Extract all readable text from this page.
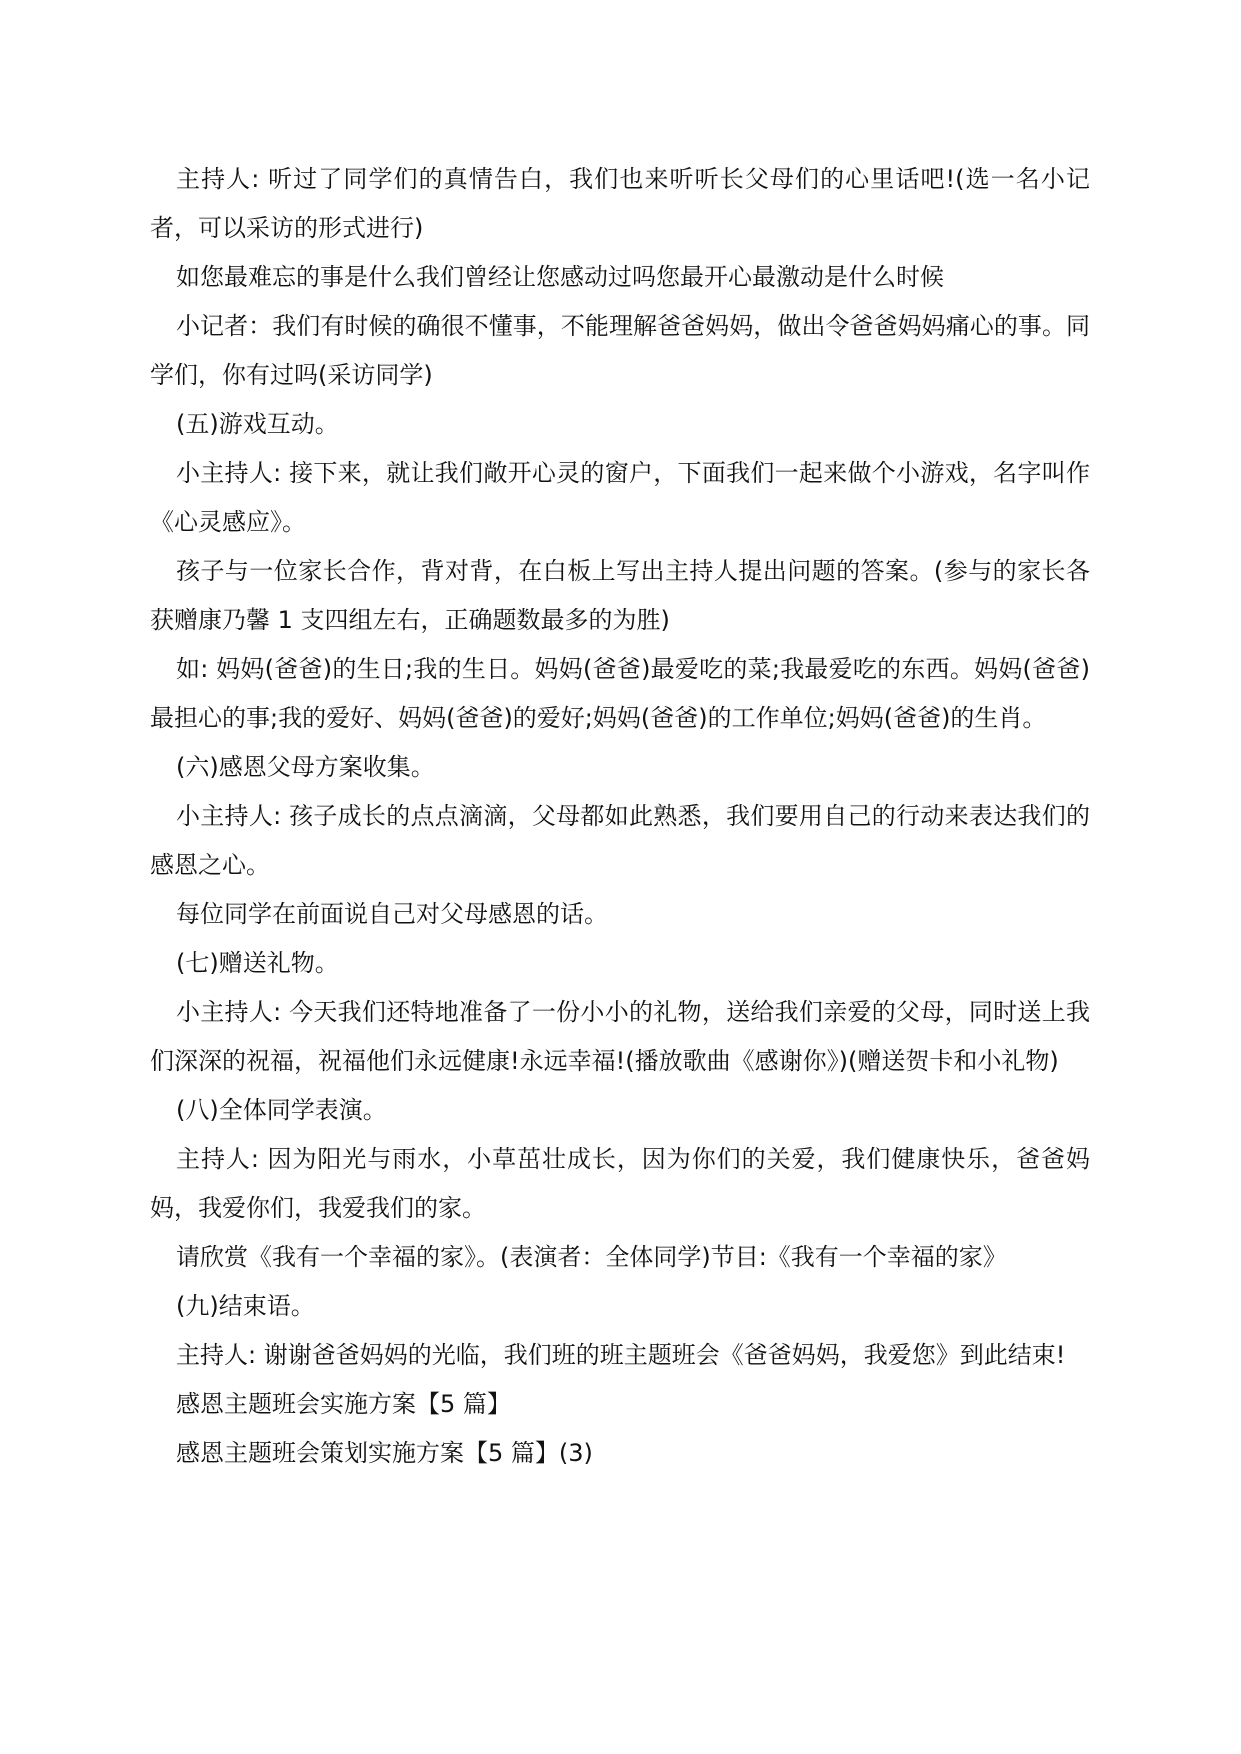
主持人: 听过了同学们的真情告白，我们也来听听长父母们的心里话吧!(选一名小记者，可以采访的形式进行)

如您最难忘的事是什么我们曾经让您感动过吗您最开心最激动是什么时候

小记者：我们有时候的确很不懂事，不能理解爸爸妈妈，做出令爸爸妈妈痛心的事。同学们，你有过吗(采访同学)

(五)游戏互动。

小主持人: 接下来，就让我们敞开心灵的窗户，下面我们一起来做个小游戏，名字叫作《心灵感应》。

孩子与一位家长合作，背对背，在白板上写出主持人提出问题的答案。(参与的家长各获赠康乃馨 1 支四组左右，正确题数最多的为胜)

如: 妈妈(爸爸)的生日;我的生日。妈妈(爸爸)最爱吃的菜;我最爱吃的东西。妈妈(爸爸)最担心的事;我的爱好、妈妈(爸爸)的爱好;妈妈(爸爸)的工作单位;妈妈(爸爸)的生肖。

(六)感恩父母方案收集。

小主持人: 孩子成长的点点滴滴，父母都如此熟悉，我们要用自己的行动来表达我们的感恩之心。

每位同学在前面说自己对父母感恩的话。

(七)赠送礼物。

小主持人: 今天我们还特地准备了一份小小的礼物，送给我们亲爱的父母，同时送上我们深深的祝福，祝福他们永远健康!永远幸福!(播放歌曲《感谢你》)(赠送贺卡和小礼物)

(八)全体同学表演。

主持人: 因为阳光与雨水，小草茁壮成长，因为你们的关爱，我们健康快乐，爸爸妈妈，我爱你们，我爱我们的家。

请欣赏《我有一个幸福的家》。(表演者：全体同学)节目:《我有一个幸福的家》

(九)结束语。

主持人: 谢谢爸爸妈妈的光临，我们班的班主题班会《爸爸妈妈，我爱您》到此结束!

感恩主题班会实施方案【5 篇】

感恩主题班会策划实施方案【5 篇】(3)
